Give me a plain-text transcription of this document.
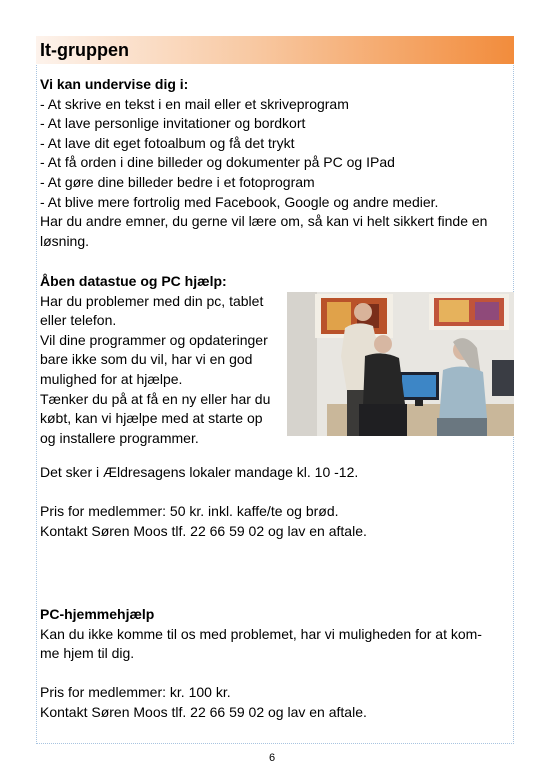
It-gruppen

Vi kan undervise dig i:

- At skrive en tekst i en mail eller et skriveprogram

- At lave personlige invitationer og bordkort

- At lave dit eget fotoalbum og få det trykt

- At få orden i dine billeder og dokumenter på PC og IPad

- At gøre dine billeder bedre i et fotoprogram

- At blive mere fortrolig med Facebook, Google og andre medier.

Har du andre emner, du gerne vil lære om, så kan vi helt sikkert finde en

løsning.

Åben datastue og PC hjælp:

Har du problemer med din pc, tablet

eller telefon.

Vil dine programmer og opdateringer

bare ikke som du vil, har vi en god

mulighed for at hjælpe.

Tænker du på at få en ny eller har du

købt, kan vi hjælpe med at starte op

og installere programmer.

Det sker i Ældresagens lokaler mandage kl. 10 -12.

Pris for medlemmer: 50 kr. inkl. kaffe/te og brød.

Kontakt Søren Moos tlf. 22 66 59 02 og lav en aftale.

PC-hjemmehjælp

Kan du ikke komme til os med problemet, har vi muligheden for at kom-

me hjem til dig.

Pris for medlemmer: kr. 100 kr.

Kontakt Søren Moos tlf. 22 66 59 02 og lav en aftale.

6
